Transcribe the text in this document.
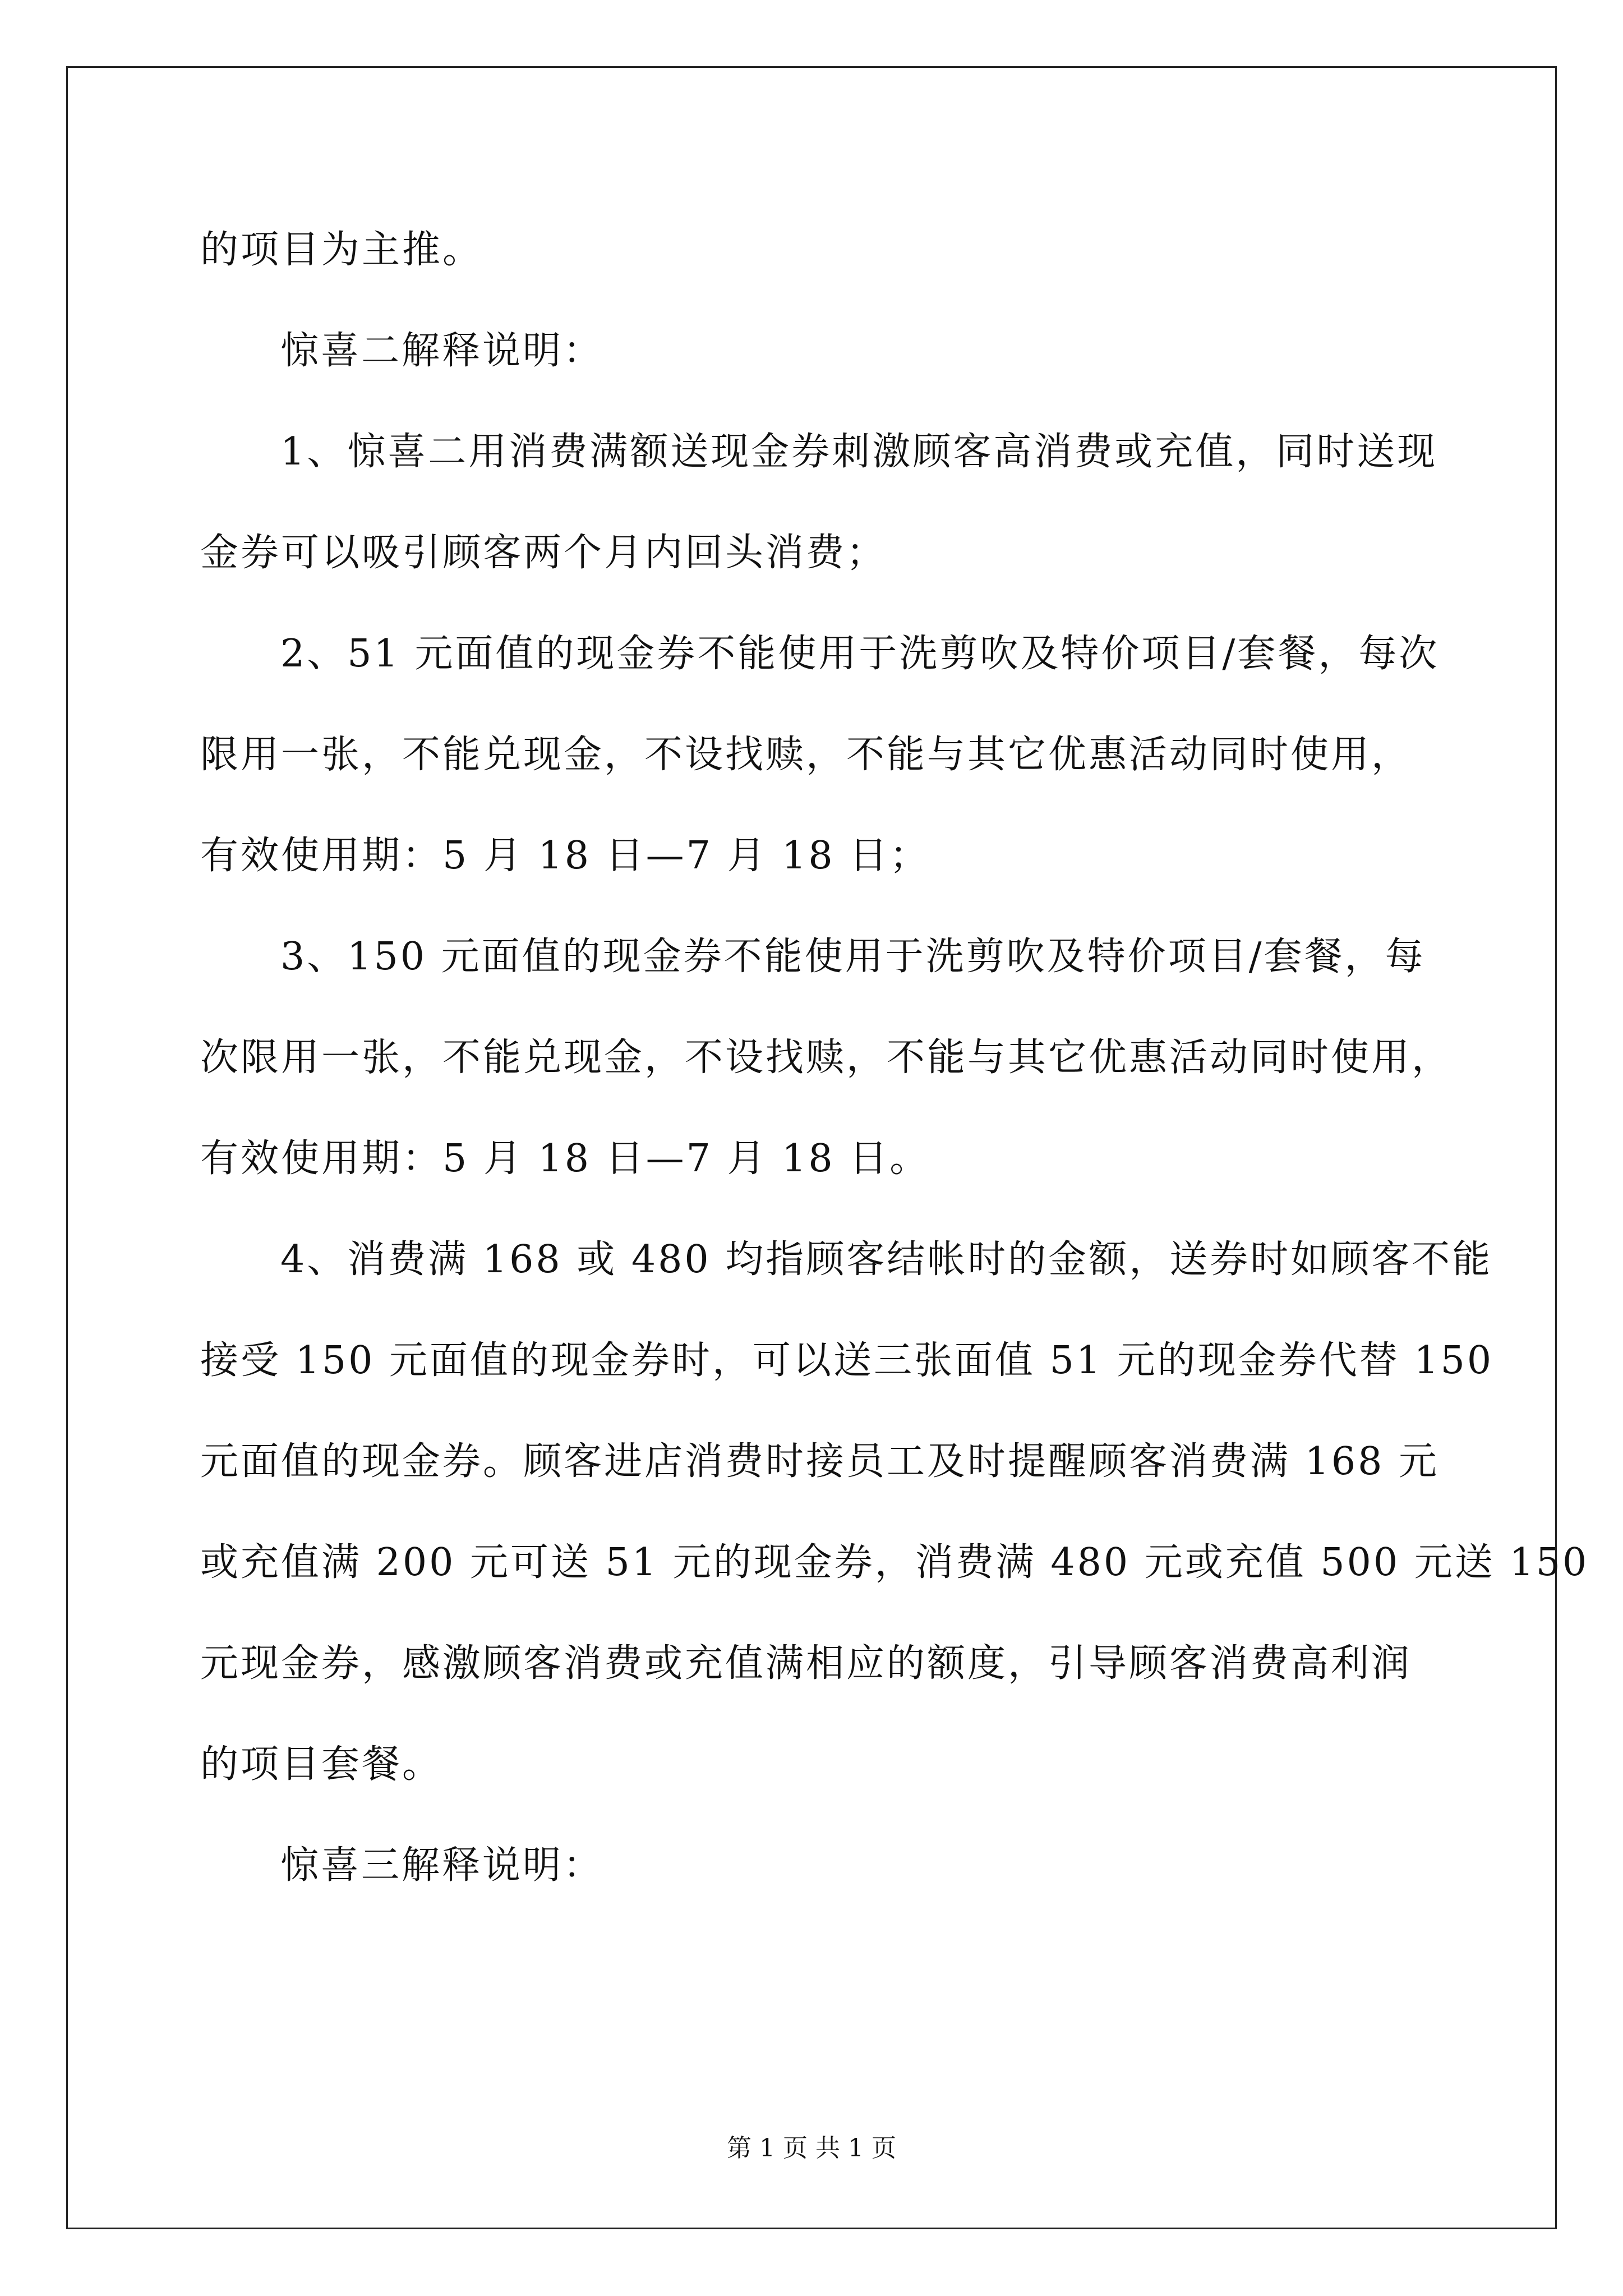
的项目为主推。
惊喜二解释说明：
1、惊喜二用消费满额送现金券刺激顾客高消费或充值，同时送现
金券可以吸引顾客两个月内回头消费；
2、51 元面值的现金券不能使用于洗剪吹及特价项目/套餐，每次
限用一张，不能兑现金，不设找赎，不能与其它优惠活动同时使用，
有效使用期：5 月 18 日—7 月 18 日；
3、150 元面值的现金券不能使用于洗剪吹及特价项目/套餐，每
次限用一张，不能兑现金，不设找赎，不能与其它优惠活动同时使用，
有效使用期：5 月 18 日—7 月 18 日。
4、消费满 168 或 480 均指顾客结帐时的金额，送券时如顾客不能
接受 150 元面值的现金券时，可以送三张面值 51 元的现金券代替 150
元面值的现金券。顾客进店消费时接员工及时提醒顾客消费满 168 元
或充值满 200 元可送 51 元的现金券，消费满 480 元或充值 500 元送 150
元现金券，感激顾客消费或充值满相应的额度，引导顾客消费高利润
的项目套餐。
惊喜三解释说明：
第 1 页 共 1 页
